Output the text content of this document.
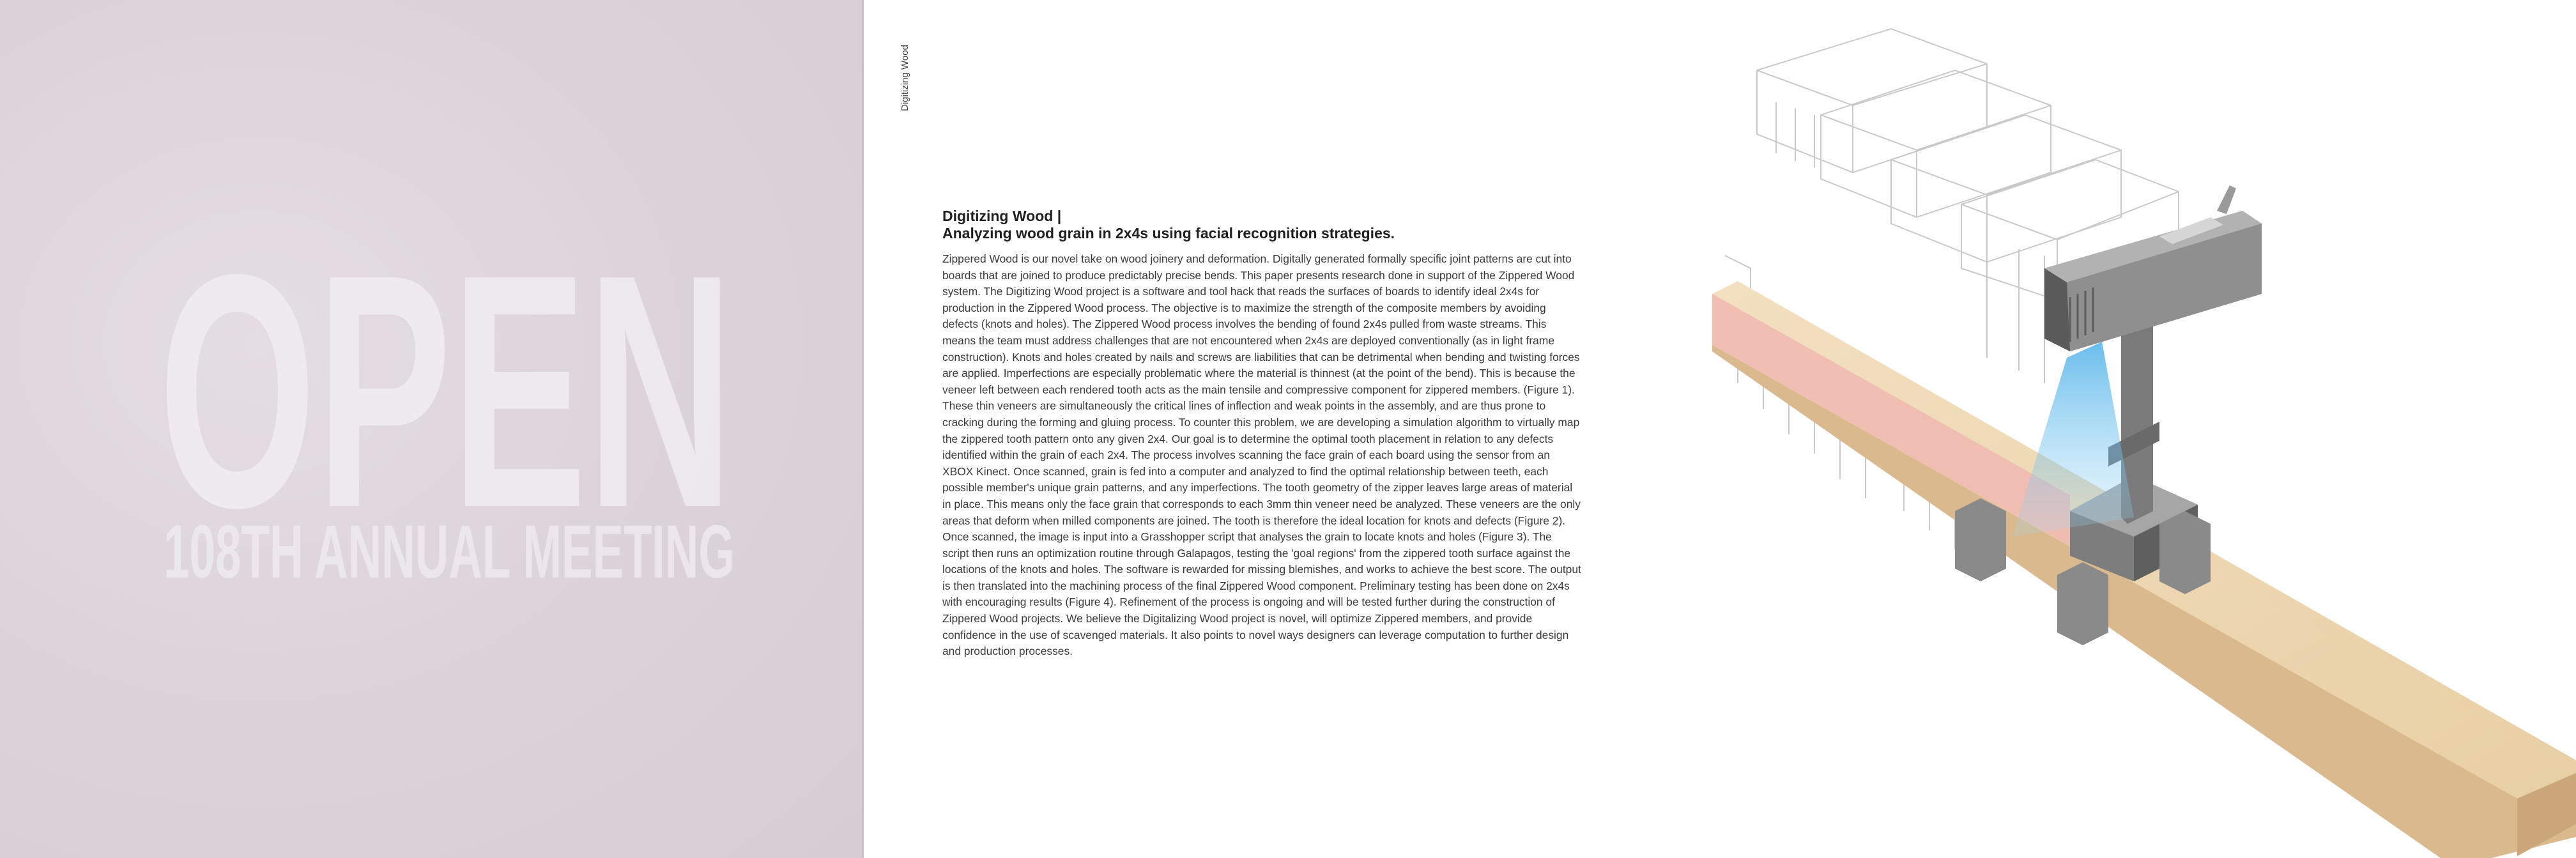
OPEN
108TH ANNUAL MEETING
Digitizing Wood
Digitizing Wood |
Analyzing wood grain in 2x4s using facial recognition strategies.

Zippered Wood is our novel take on wood joinery and deformation. Digitally generated formally specific joint patterns are cut into boards that are joined to produce predictably precise bends. This paper presents research done in support of the Zippered Wood system. The Digitizing Wood project is a software and tool hack that reads the surfaces of boards to identify ideal 2x4s for production in the Zippered Wood process. The objective is to maximize the strength of the composite members by avoiding defects (knots and holes). The Zippered Wood process involves the bending of found 2x4s pulled from waste streams. This means the team must address challenges that are not encountered when 2x4s are deployed conventionally (as in light frame construction). Knots and holes created by nails and screws are liabilities that can be detrimental when bending and twisting forces are applied. Imperfections are especially problematic where the material is thinnest (at the point of the bend). This is because the veneer left between each rendered tooth acts as the main tensile and compressive component for zippered members. (Figure 1). These thin veneers are simultaneously the critical lines of inflection and weak points in the assembly, and are thus prone to cracking during the forming and gluing process. To counter this problem, we are developing a simulation algorithm to virtually map the zippered tooth pattern onto any given 2x4. Our goal is to determine the optimal tooth placement in relation to any defects identified within the grain of each 2x4. The process involves scanning the face grain of each board using the sensor from an XBOX Kinect. Once scanned, grain is fed into a computer and analyzed to find the optimal relationship between teeth, each possible member's unique grain patterns, and any imperfections. The tooth geometry of the zipper leaves large areas of material in place. This means only the face grain that corresponds to each 3mm thin veneer need be analyzed. These veneers are the only areas that deform when milled components are joined. The tooth is therefore the ideal location for knots and defects (Figure 2). Once scanned, the image is input into a Grasshopper script that analyses the grain to locate knots and holes (Figure 3). The script then runs an optimization routine through Galapagos, testing the 'goal regions' from the zippered tooth surface against the locations of the knots and holes. The software is rewarded for missing blemishes, and works to achieve the best score. The output is then translated into the machining process of the final Zippered Wood component. Preliminary testing has been done on 2x4s with encouraging results (Figure 4). Refinement of the process is ongoing and will be tested further during the construction of Zippered Wood projects. We believe the Digitalizing Wood project is novel, will optimize Zippered members, and provide confidence in the use of scavenged materials. It also points to novel ways designers can leverage computation to further design and production processes.
